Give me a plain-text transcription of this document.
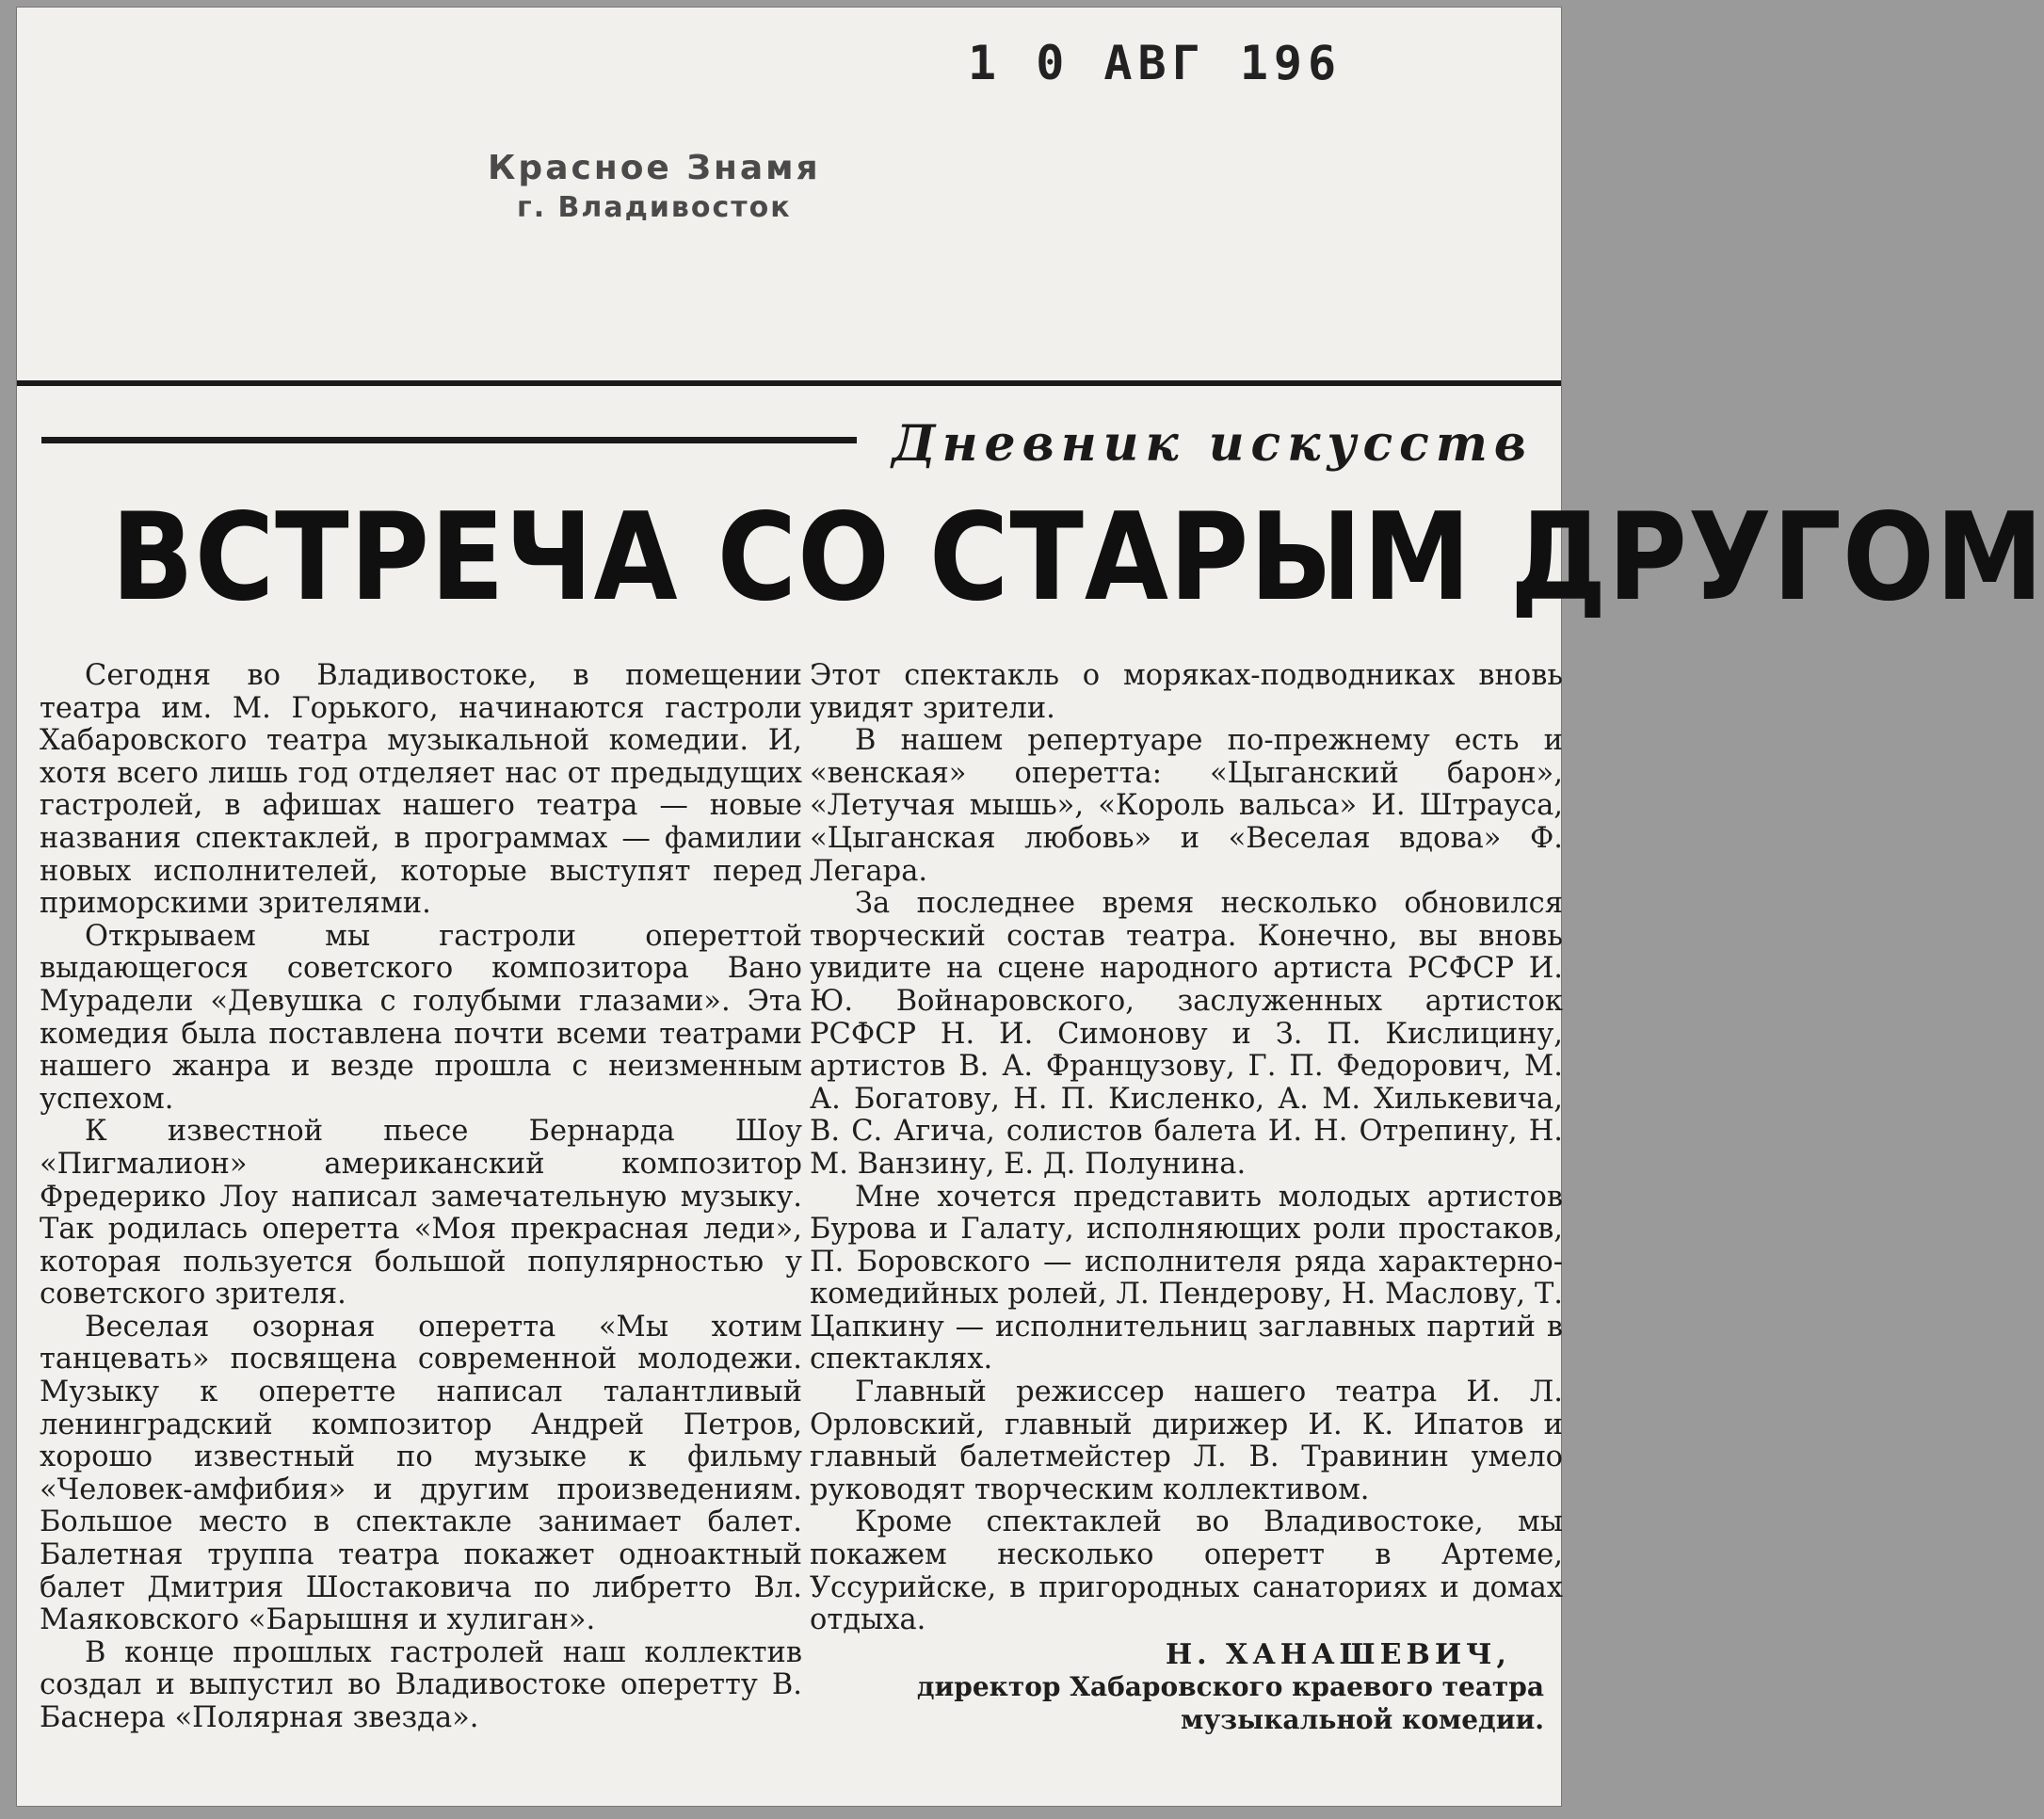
1 0 АВГ 196
Красное Знамя
г. Владивосток
Дневник искусств
ВСТРЕЧА СО СТАРЫМ ДРУГОМ

Сегодня во Владивостоке, в помещении театра им. М. Горького, начинаются гастроли Хабаровского театра музыкальной комедии. И, хотя всего лишь год отделяет нас от предыдущих гастролей, в афишах нашего театра — новые названия спектаклей, в программах — фамилии новых исполнителей, которые выступят перед приморскими зрителями.

Открываем мы гастроли опереттой выдающегося советского композитора Вано Мурадели «Девушка с голубыми глазами». Эта комедия была поставлена почти всеми театрами нашего жанра и везде прошла с неизменным успехом.

К известной пьесе Бернарда Шоу «Пигмалион» американский композитор Фредерико Лоу написал замечательную музыку. Так родилась оперетта «Моя прекрасная леди», которая пользуется большой популярностью у советского зрителя.

Веселая озорная оперетта «Мы хотим танцевать» посвящена современной молодежи. Музыку к оперетте написал талантливый ленинградский композитор Андрей Петров, хорошо известный по музыке к фильму «Человек-амфибия» и другим произведениям. Большое место в спектакле занимает балет. Балетная труппа театра покажет одноактный балет Дмитрия Шостаковича по либретто Вл. Маяковского «Барышня и хулиган».

В конце прошлых гастролей наш коллектив создал и выпустил во Владивостоке оперетту В. Баснера «Полярная звезда».

Этот спектакль о моряках-подводниках вновь увидят зрители.

В нашем репертуаре по-прежнему есть и «венская» оперетта: «Цыганский барон», «Летучая мышь», «Король вальса» И. Штрауса, «Цыганская любовь» и «Веселая вдова» Ф. Легара.

За последнее время несколько обновился творческий состав театра. Конечно, вы вновь увидите на сцене народного артиста РСФСР И. Ю. Войнаровского, заслуженных артисток РСФСР Н. И. Симонову и З. П. Кислицину, артистов В. А. Французову, Г. П. Федорович, М. А. Богатову, Н. П. Кисленко, А. М. Хилькевича, В. С. Агича, солистов балета И. Н. Отрепину, Н. М. Ванзину, Е. Д. Полунина.

Мне хочется представить молодых артистов Бурова и Галату, исполняющих роли простаков, П. Боровского — исполнителя ряда характерно-комедийных ролей, Л. Пендерову, Н. Маслову, Т. Цапкину — исполнительниц заглавных партий в спектаклях.

Главный режиссер нашего театра И. Л. Орловский, главный дирижер И. К. Ипатов и главный балетмейстер Л. В. Травинин умело руководят творческим коллективом.

Кроме спектаклей во Владивостоке, мы покажем несколько оперетт в Артеме, Уссурийске, в пригородных санаториях и домах отдыха.

Н. ХАНАШЕВИЧ,
директор Хабаровского краевого театра музыкальной комедии.
